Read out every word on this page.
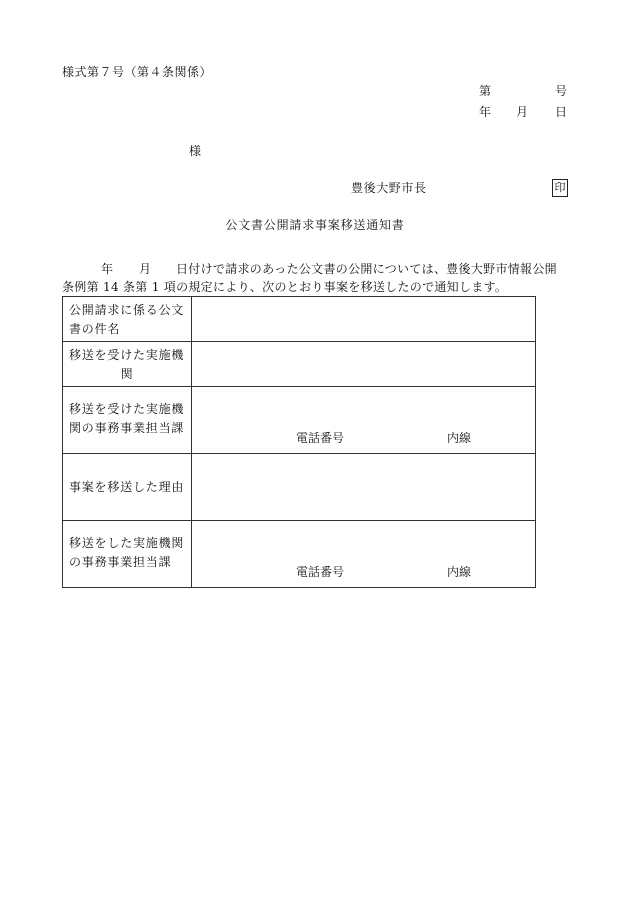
様式第７号（第４条関係）
第	号
年 月 日
様
豊後大野市長	印
公文書公開請求事案移送通知書
年 月 日付けで請求のあった公文書の公開については、豊後大野市情報公開
条例第 14 条第 1 項の規定により、次のとおり事案を移送したので通知します。
公開請求に係る公文書の件名	

移送を受けた実施機
関	

移送を受けた実施機関の事務事業担当課	電話番号 内線

事案を移送した理由	

移送をした実施機関の事務事業担当課	電話番号 内線
